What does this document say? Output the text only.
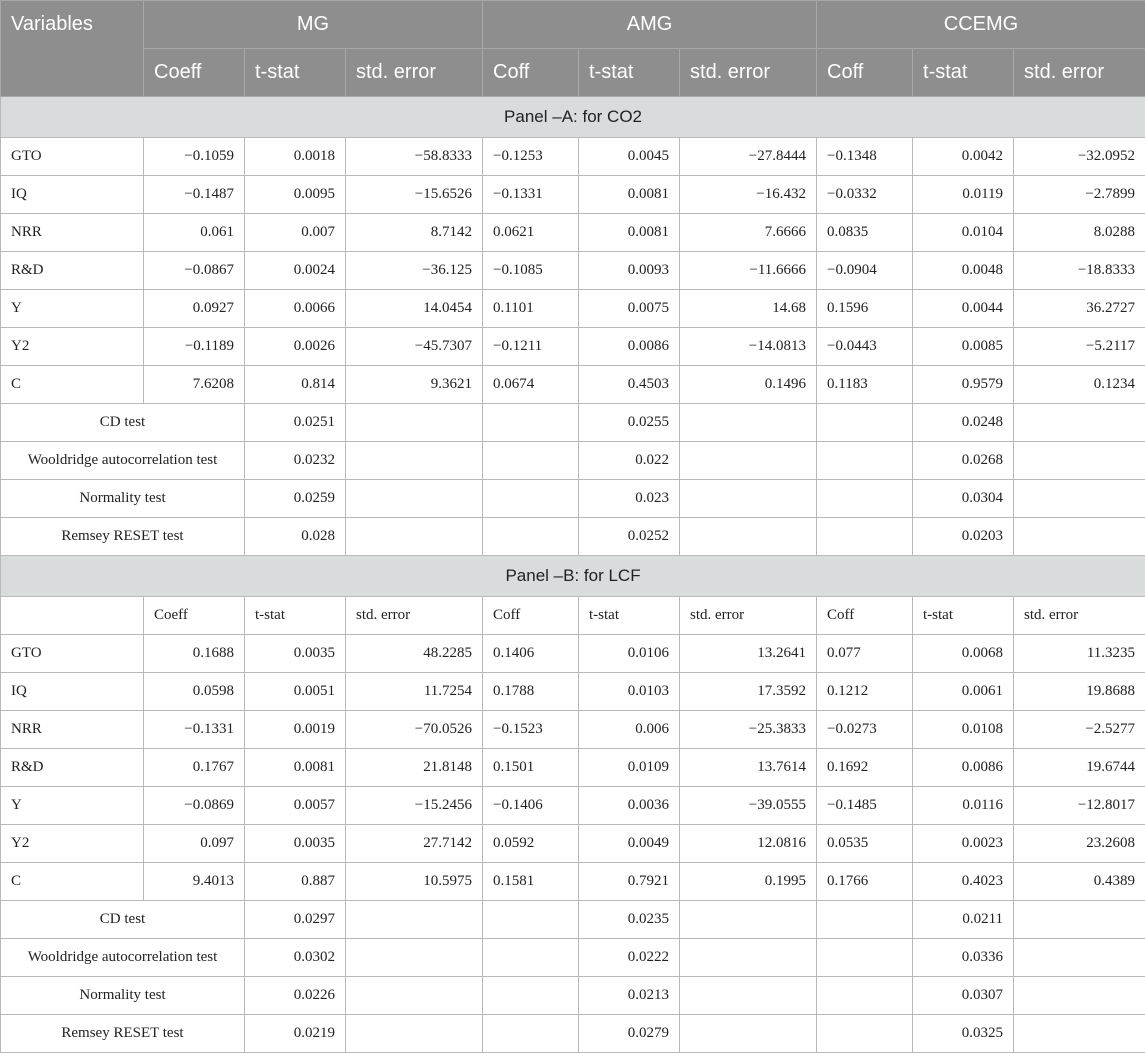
Variables	MG			AMG			CCEMG		
	Coeff	t-stat	std. error	Coff	t-stat	std. error	Coff	t-stat	std. error
Panel –A: for CO2									
GTO	−0.1059	0.0018	−58.8333	−0.1253	0.0045	−27.8444	−0.1348	0.0042	−32.0952
IQ	−0.1487	0.0095	−15.6526	−0.1331	0.0081	−16.432	−0.0332	0.0119	−2.7899
NRR	0.061	0.007	8.7142	0.0621	0.0081	7.6666	0.0835	0.0104	8.0288
R&D	−0.0867	0.0024	−36.125	−0.1085	0.0093	−11.6666	−0.0904	0.0048	−18.8333
Y	0.0927	0.0066	14.0454	0.1101	0.0075	14.68	0.1596	0.0044	36.2727
Y2	−0.1189	0.0026	−45.7307	−0.1211	0.0086	−14.0813	−0.0443	0.0085	−5.2117
C	7.6208	0.814	9.3621	0.0674	0.4503	0.1496	0.1183	0.9579	0.1234
CD test		0.0251			0.0255			0.0248	
Wooldridge autocorrelation test		0.0232			0.022			0.0268	
Normality test		0.0259			0.023			0.0304	
Remsey RESET test		0.028			0.0252			0.0203	
Panel –B: for LCF									
	Coeff	t-stat	std. error	Coff	t-stat	std. error	Coff	t-stat	std. error
GTO	0.1688	0.0035	48.2285	0.1406	0.0106	13.2641	0.077	0.0068	11.3235
IQ	0.0598	0.0051	11.7254	0.1788	0.0103	17.3592	0.1212	0.0061	19.8688
NRR	−0.1331	0.0019	−70.0526	−0.1523	0.006	−25.3833	−0.0273	0.0108	−2.5277
R&D	0.1767	0.0081	21.8148	0.1501	0.0109	13.7614	0.1692	0.0086	19.6744
Y	−0.0869	0.0057	−15.2456	−0.1406	0.0036	−39.0555	−0.1485	0.0116	−12.8017
Y2	0.097	0.0035	27.7142	0.0592	0.0049	12.0816	0.0535	0.0023	23.2608
C	9.4013	0.887	10.5975	0.1581	0.7921	0.1995	0.1766	0.4023	0.4389
CD test		0.0297			0.0235			0.0211	
Wooldridge autocorrelation test		0.0302			0.0222			0.0336	
Normality test		0.0226			0.0213			0.0307	
Remsey RESET test		0.0219			0.0279			0.0325	
